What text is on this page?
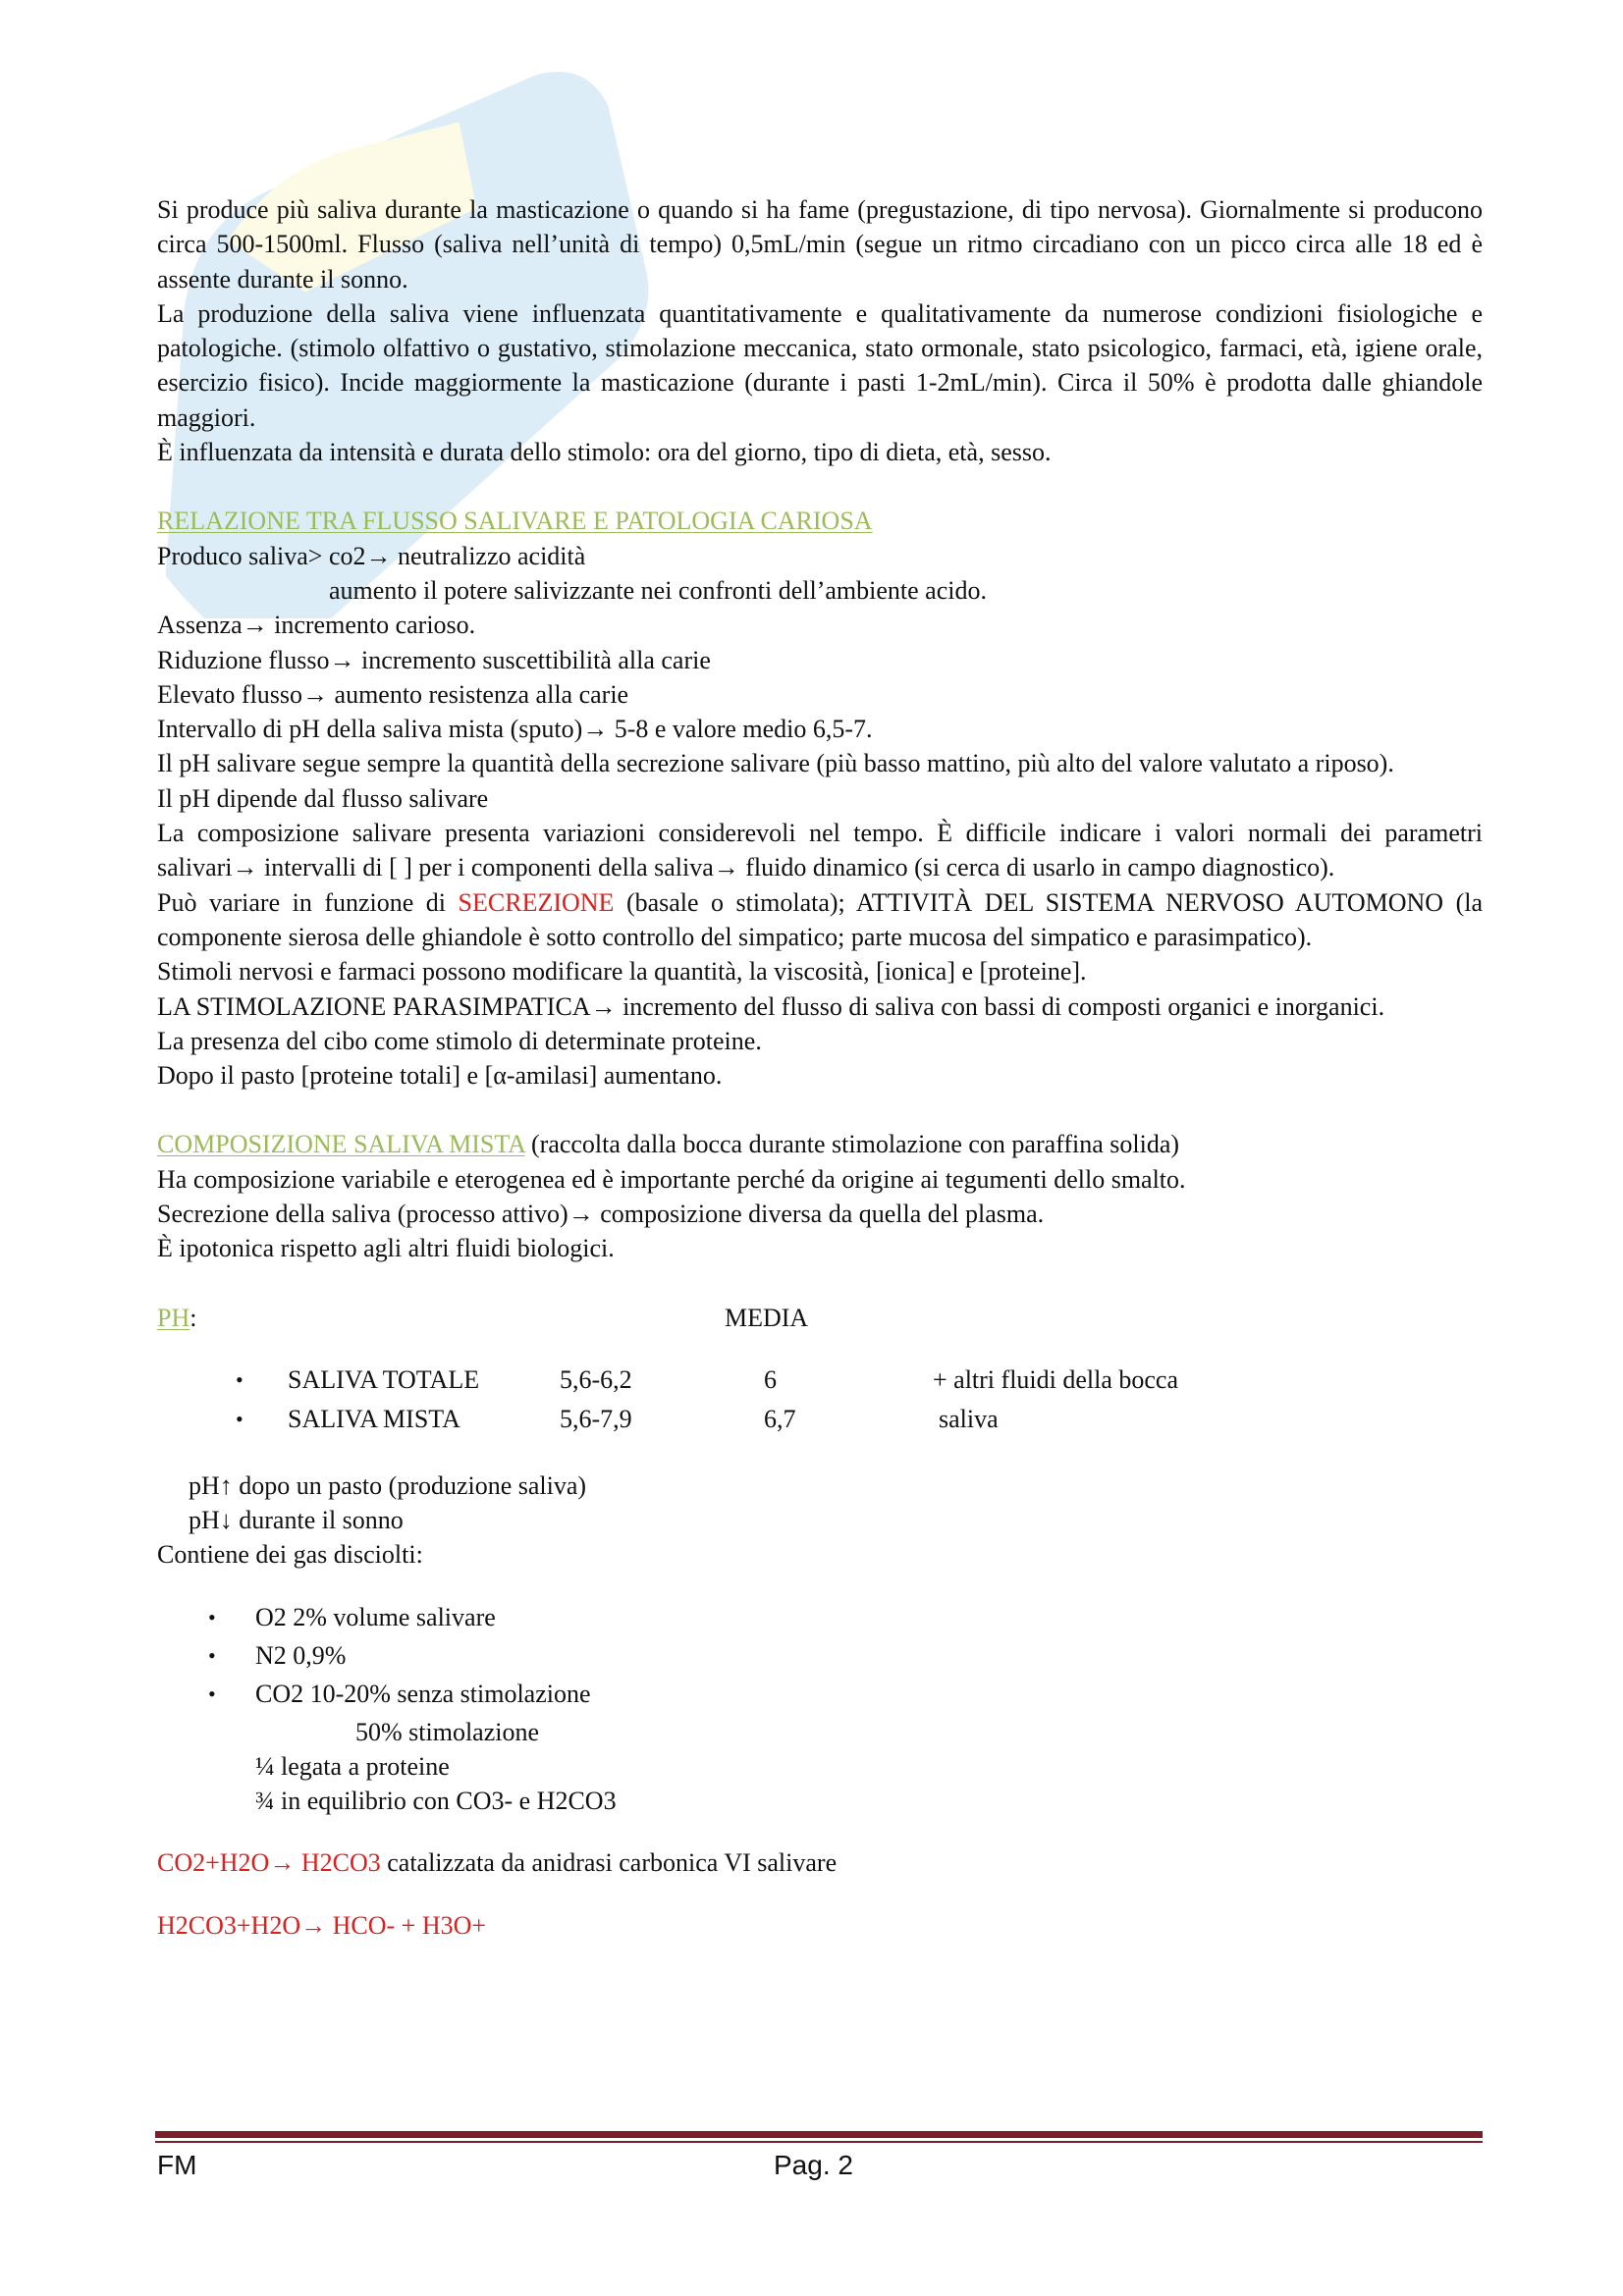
Si produce più saliva durante la masticazione o quando si ha fame (pregustazione, di tipo nervosa). Giornalmente si producono circa 500-1500ml. Flusso (saliva nell’unità di tempo) 0,5mL/min (segue un ritmo circadiano con un picco circa alle 18 ed è assente durante il sonno.

La produzione della saliva viene influenzata quantitativamente e qualitativamente da numerose condizioni fisiologiche e patologiche. (stimolo olfattivo o gustativo, stimolazione meccanica, stato ormonale, stato psicologico, farmaci, età, igiene orale, esercizio fisico). Incide maggiormente la masticazione (durante i pasti 1-2mL/min). Circa il 50% è prodotta dalle ghiandole maggiori.

È influenzata da intensità e durata dello stimolo: ora del giorno, tipo di dieta, età, sesso.

RELAZIONE TRA FLUSSO SALIVARE E PATOLOGIA CARIOSA

Produco saliva> co2→ neutralizzo acidità

aumento il potere salivizzante nei confronti dell’ambiente acido.

Assenza→ incremento carioso.

Riduzione flusso→ incremento suscettibilità alla carie

Elevato flusso→ aumento resistenza alla carie

Intervallo di pH della saliva mista (sputo)→ 5-8 e valore medio 6,5-7.

Il pH salivare segue sempre la quantità della secrezione salivare (più basso mattino, più alto del valore valutato a riposo).

Il pH dipende dal flusso salivare

La composizione salivare presenta variazioni considerevoli nel tempo. È difficile indicare i valori normali dei parametri salivari→ intervalli di [ ] per i componenti della saliva→ fluido dinamico (si cerca di usarlo in campo diagnostico).

Può variare in funzione di SECREZIONE (basale o stimolata); ATTIVITÀ DEL SISTEMA NERVOSO AUTOMONO (la componente sierosa delle ghiandole è sotto controllo del simpatico; parte mucosa del simpatico e parasimpatico).

Stimoli nervosi e farmaci possono modificare la quantità, la viscosità, [ionica] e [proteine].

LA STIMOLAZIONE PARASIMPATICA→ incremento del flusso di saliva con bassi di composti organici e inorganici.

La presenza del cibo come stimolo di determinate proteine.

Dopo il pasto [proteine totali] e [α-amilasi] aumentano.

COMPOSIZIONE SALIVA MISTA (raccolta dalla bocca durante stimolazione con paraffina solida)

Ha composizione variabile e eterogenea ed è importante perché da origine ai tegumenti dello smalto.

Secrezione della saliva (processo attivo)→ composizione diversa da quella del plasma.

È ipotonica rispetto agli altri fluidi biologici.

PH:	MEDIA
• SALIVA TOTALE	5,6-6,2	6	+ altri fluidi della bocca
• SALIVA MISTA	5,6-7,9	6,7	saliva

pH↑ dopo un pasto (produzione saliva)

pH↓ durante il sonno

Contiene dei gas disciolti:

• O2 2% volume salivare
• N2 0,9%
• CO2 10-20% senza stimolazione

50% stimolazione

¼ legata a proteine

¾ in equilibrio con CO3- e H2CO3

CO2+H2O→ H2CO3 catalizzata da anidrasi carbonica VI salivare

H2CO3+H2O→ HCO- + H3O+

FM	Pag. 2
